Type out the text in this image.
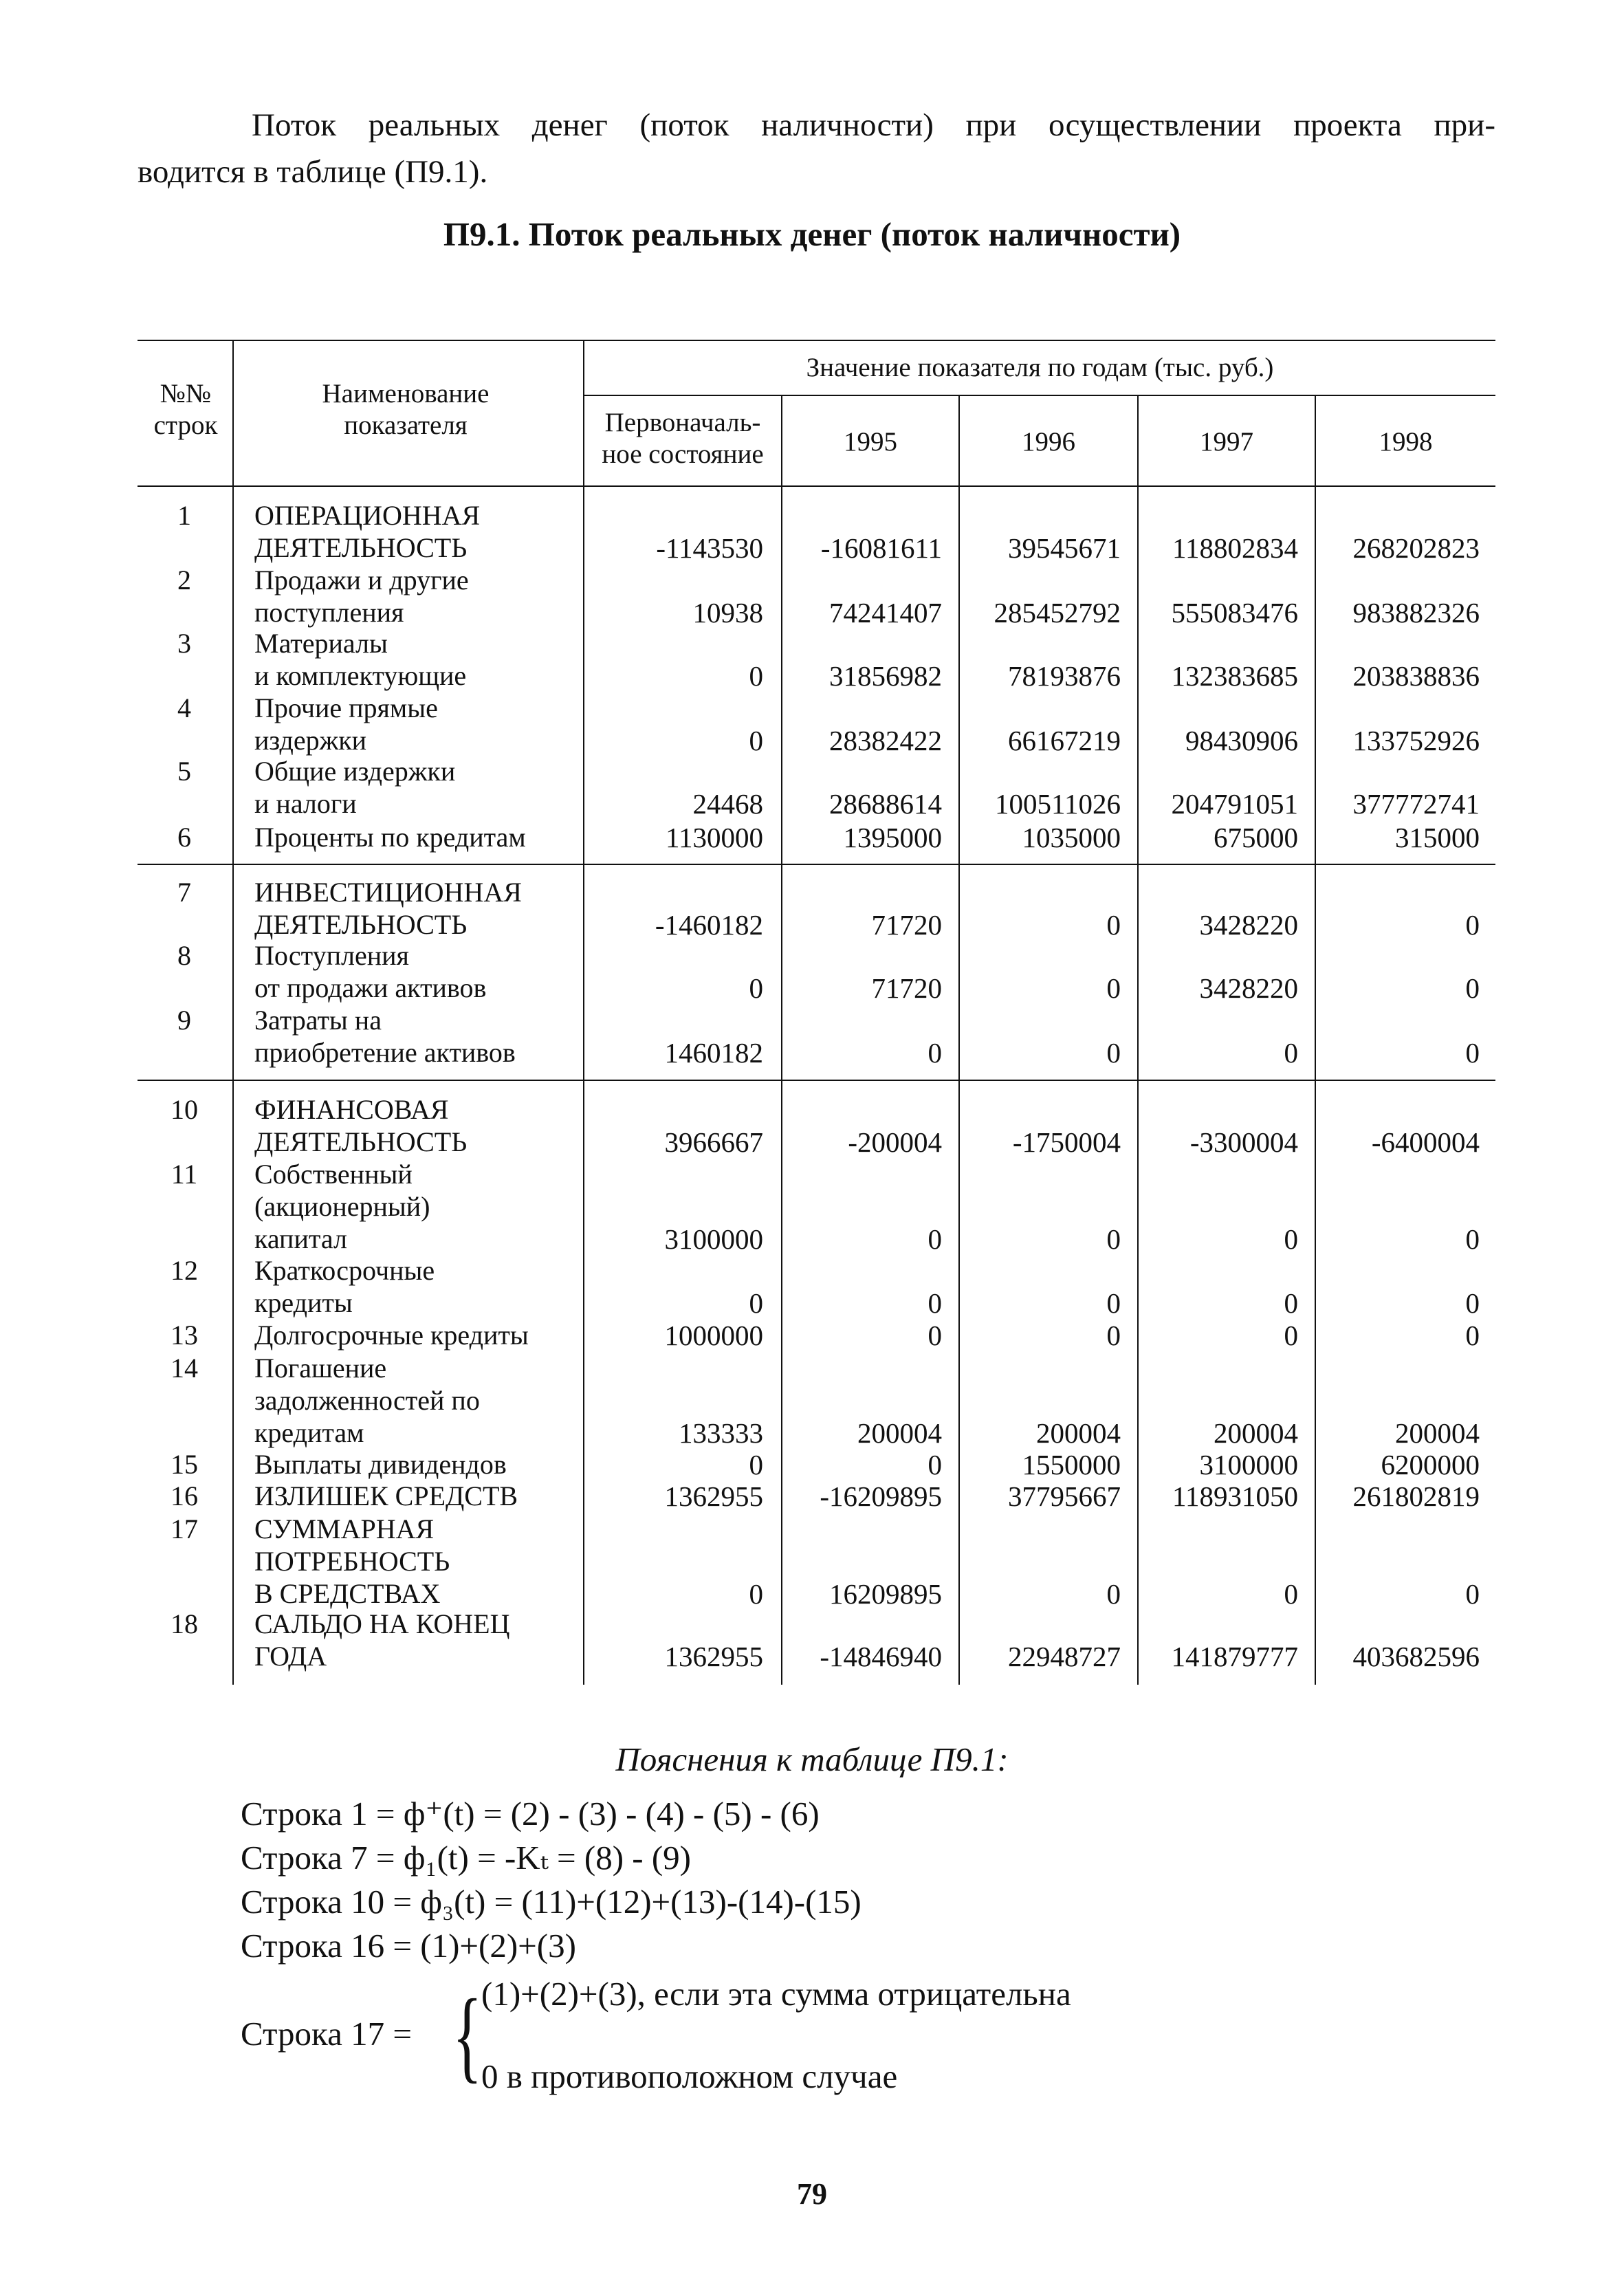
Поток реальных денег (поток наличности) при осуществлении проекта при-

водится в таблице (П9.1).

П9.1. Поток реальных денег (поток наличности)
№№ строк
Наименование показателя
Значение показателя по годам (тыс. руб.)
Первоначаль- ное состояние	1995	1996	1997	1998
1	ОПЕРАЦИОННАЯ
ДЕЯТЕЛЬНОСТЬ	-1143530	-16081611	39545671	118802834	268202823
2	Продажи и другие
поступления	10938	74241407	285452792	555083476	983882326
3	Материалы
и комплектующие	0	31856982	78193876	132383685	203838836
4	Прочие прямые
издержки	0	28382422	66167219	98430906	133752926
5	Общие издержки
и налоги	24468	28688614	100511026	204791051	377772741
6	Проценты по кредитам	1130000	1395000	1035000	675000	315000
7	ИНВЕСТИЦИОННАЯ
ДЕЯТЕЛЬНОСТЬ	-1460182	71720	0	3428220	0
8	Поступления
от продажи активов	0	71720	0	3428220	0
9	Затраты на
приобретение активов	1460182	0	0	0	0
10	ФИНАНСОВАЯ
ДЕЯТЕЛЬНОСТЬ	3966667	-200004	-1750004	-3300004	-6400004
11	Собственный
(акционерный)
капитал	3100000	0	0	0	0
12	Краткосрочные
кредиты	0	0	0	0	0
13	Долгосрочные кредиты	1000000	0	0	0	0
14	Погашение
задолженностей по
кредитам	133333	200004	200004	200004	200004
15	Выплаты дивидендов	0	0	1550000	3100000	6200000
16	ИЗЛИШЕК СРЕДСТВ	1362955	-16209895	37795667	118931050	261802819
17	СУММАРНАЯ
ПОТРЕБНОСТЬ
В СРЕДСТВАХ	0	16209895	0	0	0
18	САЛЬДО НА КОНЕЦ
ГОДА	1362955	-14846940	22948727	141879777	403682596
Пояснения к таблице П9.1:
Строка 1 = ф⁺(t) = (2) - (3) - (4) - (5) - (6)
Строка 7 = ф₁(t) = -Kₜ = (8) - (9)
Строка 10 = ф₃(t) = (11)+(12)+(13)-(14)-(15)
Строка 16 = (1)+(2)+(3)
Строка 17 = {
(1)+(2)+(3), если эта сумма отрицательна
0 в противоположном случае
79
